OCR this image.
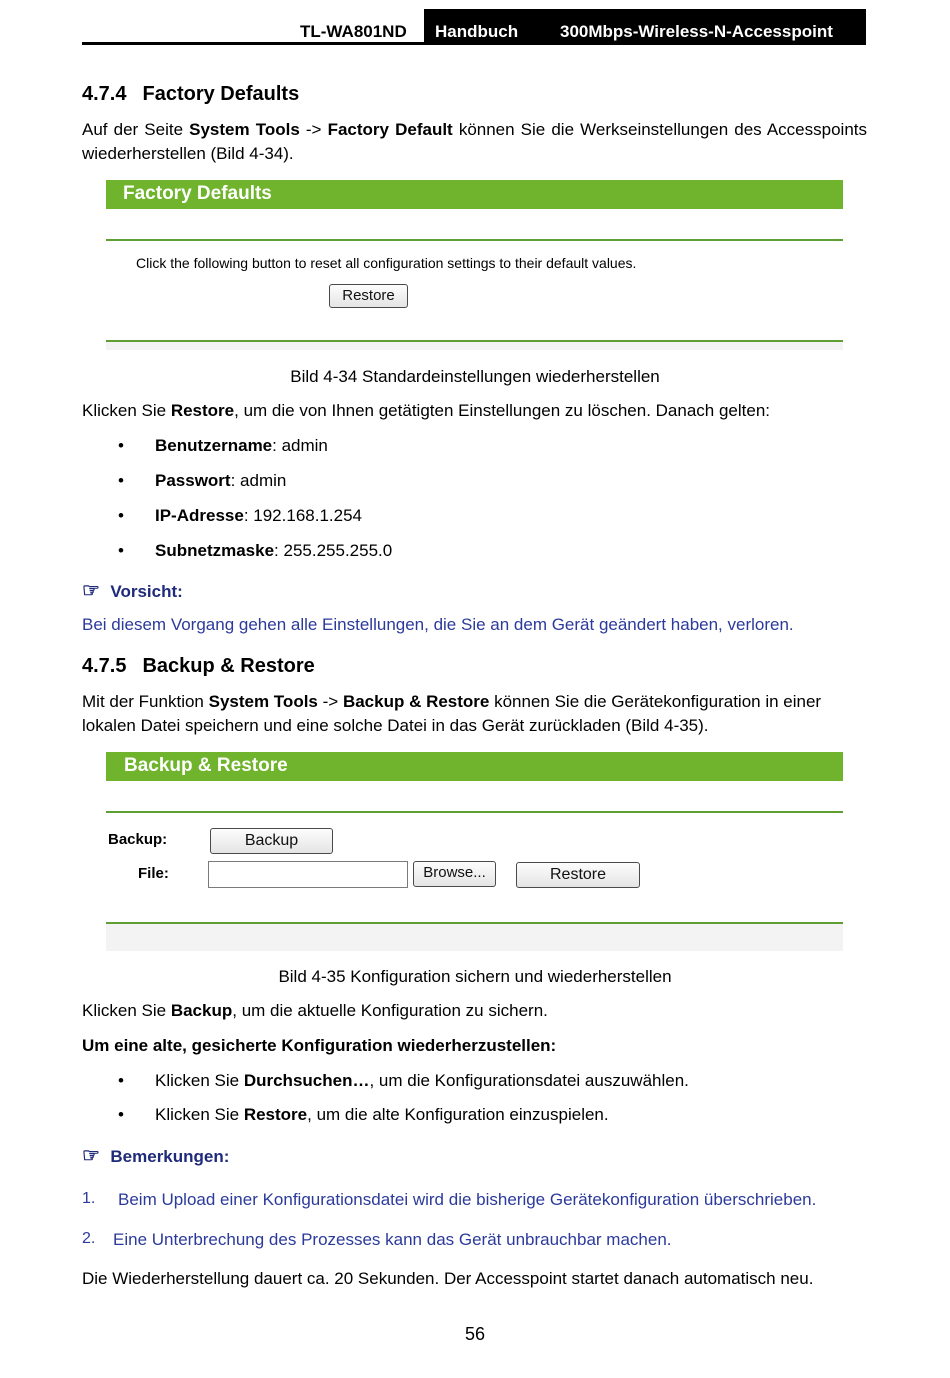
TL-WA801ND Handbuch 300Mbps-Wireless-N-Accesspoint
4.7.4 Factory Defaults
Auf der Seite System Tools -> Factory Default können Sie die Werkseinstellungen des Accesspoints wiederherstellen (Bild 4-34).
Factory Defaults
Click the following button to reset all configuration settings to their default values.
Restore
Bild 4-34 Standardeinstellungen wiederherstellen
Klicken Sie Restore, um die von Ihnen getätigten Einstellungen zu löschen. Danach gelten:
• Benutzername: admin
• Passwort: admin
• IP-Adresse: 192.168.1.254
• Subnetzmaske: 255.255.255.0
☞ Vorsicht:
Bei diesem Vorgang gehen alle Einstellungen, die Sie an dem Gerät geändert haben, verloren.
4.7.5 Backup & Restore
Mit der Funktion System Tools -> Backup & Restore können Sie die Gerätekonfiguration in einer lokalen Datei speichern und eine solche Datei in das Gerät zurückladen (Bild 4-35).
Backup & Restore
Backup:	Backup
File:	Browse...	Restore
Bild 4-35 Konfiguration sichern und wiederherstellen
Klicken Sie Backup, um die aktuelle Konfiguration zu sichern.
Um eine alte, gesicherte Konfiguration wiederherzustellen:
• Klicken Sie Durchsuchen…, um die Konfigurationsdatei auszuwählen.
• Klicken Sie Restore, um die alte Konfiguration einzuspielen.
☞ Bemerkungen:
1. Beim Upload einer Konfigurationsdatei wird die bisherige Gerätekonfiguration überschrieben.
2. Eine Unterbrechung des Prozesses kann das Gerät unbrauchbar machen.
Die Wiederherstellung dauert ca. 20 Sekunden. Der Accesspoint startet danach automatisch neu.
56
